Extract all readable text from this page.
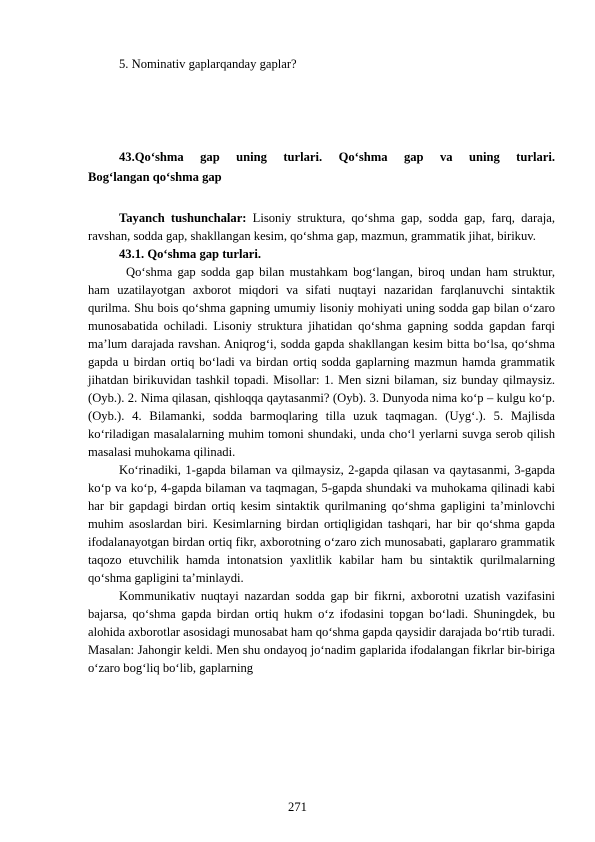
5. Nominativ gaplarqanday gaplar?
43.Qo‘shma gap uning turlari. Qo‘shma gap va uning turlari.
Bog‘langan qo‘shma gap

Tayanch tushunchalar: Lisoniy struktura, qo‘shma gap, sodda gap, farq, daraja, ravshan, sodda gap, shakllangan kesim, qo‘shma gap, mazmun, grammatik jihat, birikuv.

43.1. Qo‘shma gap turlari.

Qo‘shma gap sodda gap bilan mustahkam bog‘langan, biroq undan ham struktur, ham uzatilayotgan axborot miqdori va sifati nuqtayi nazaridan farqlanuvchi sintaktik qurilma. Shu bois qo‘shma gapning umumiy lisoniy mohiyati uning sodda gap bilan o‘zaro munosabatida ochiladi. Lisoniy struktura jihatidan qo‘shma gapning sodda gapdan farqi ma’lum darajada ravshan. Aniqrog‘i, sodda gapda shakllangan kesim bitta bo‘lsa, qo‘shma gapda u birdan ortiq bo‘ladi va birdan ortiq sodda gaplarning mazmun hamda grammatik jihatdan birikuvidan tashkil topadi. Misollar: 1. Men sizni bilaman, siz bunday qilmaysiz. (Oyb.). 2. Nima qilasan, qishloqqa qaytasanmi? (Oyb). 3. Dunyoda nima ko‘p – kulgu ko‘p. (Oyb.). 4. Bilamanki, sodda barmoqlaring tilla uzuk taqmagan. (Uyg‘.). 5. Majlisda ko‘riladigan masalalarning muhim tomoni shundaki, unda cho‘l yerlarni suvga serob qilish masalasi muhokama qilinadi.

Ko‘rinadiki, 1-gapda bilaman va qilmaysiz, 2-gapda qilasan va qaytasanmi, 3-gapda ko‘p va ko‘p, 4-gapda bilaman va taqmagan, 5-gapda shundaki va muhokama qilinadi kabi har bir gapdagi birdan ortiq kesim sintaktik qurilmaning qo‘shma gapligini ta’minlovchi muhim asoslardan biri. Kesimlarning birdan ortiqligidan tashqari, har bir qo‘shma gapda ifodalanayotgan birdan ortiq fikr, axborotning o‘zaro zich munosabati, gaplararo grammatik taqozo etuvchilik hamda intonatsion yaxlitlik kabilar ham bu sintaktik qurilmalarning qo‘shma gapligini ta’minlaydi.

Kommunikativ nuqtayi nazardan sodda gap bir fikrni, axborotni uzatish vazifasini bajarsa, qo‘shma gapda birdan ortiq hukm o‘z ifodasini topgan bo‘ladi. Shuningdek, bu alohida axborotlar asosidagi munosabat ham qo‘shma gapda qaysidir darajada bo‘rtib turadi. Masalan: Jahongir keldi. Men shu ondayoq jo‘nadim gaplarida ifodalangan fikrlar bir-biriga o‘zaro bog‘liq bo‘lib, gaplarning

271
